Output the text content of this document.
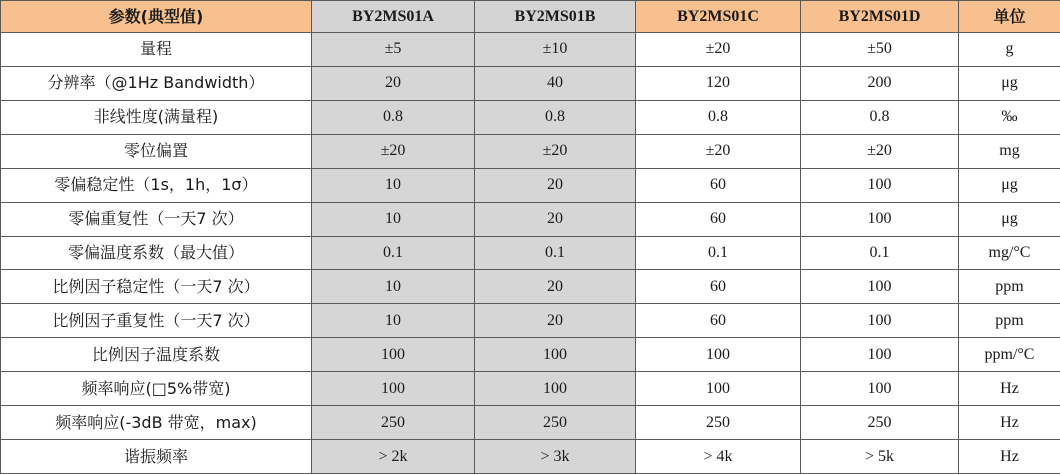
参数(典型值)	BY2MS01A	BY2MS01B	BY2MS01C	BY2MS01D	单位
量程	±5	±10	±20	±50	g
分辨率（@1Hz Bandwidth）	20	40	120	200	μg
非线性度(满量程)	0.8	0.8	0.8	0.8	‰
零位偏置	±20	±20	±20	±20	mg
零偏稳定性（1s，1h，1σ）	10	20	60	100	μg
零偏重复性（一天7 次）	10	20	60	100	μg
零偏温度系数（最大值）	0.1	0.1	0.1	0.1	mg/°C
比例因子稳定性（一天7 次）	10	20	60	100	ppm
比例因子重复性（一天7 次）	10	20	60	100	ppm
比例因子温度系数	100	100	100	100	ppm/°C
频率响应(□5%带宽)	100	100	100	100	Hz
频率响应(-3dB 带宽，max)	250	250	250	250	Hz
谐振频率	> 2k	> 3k	> 4k	> 5k	Hz
